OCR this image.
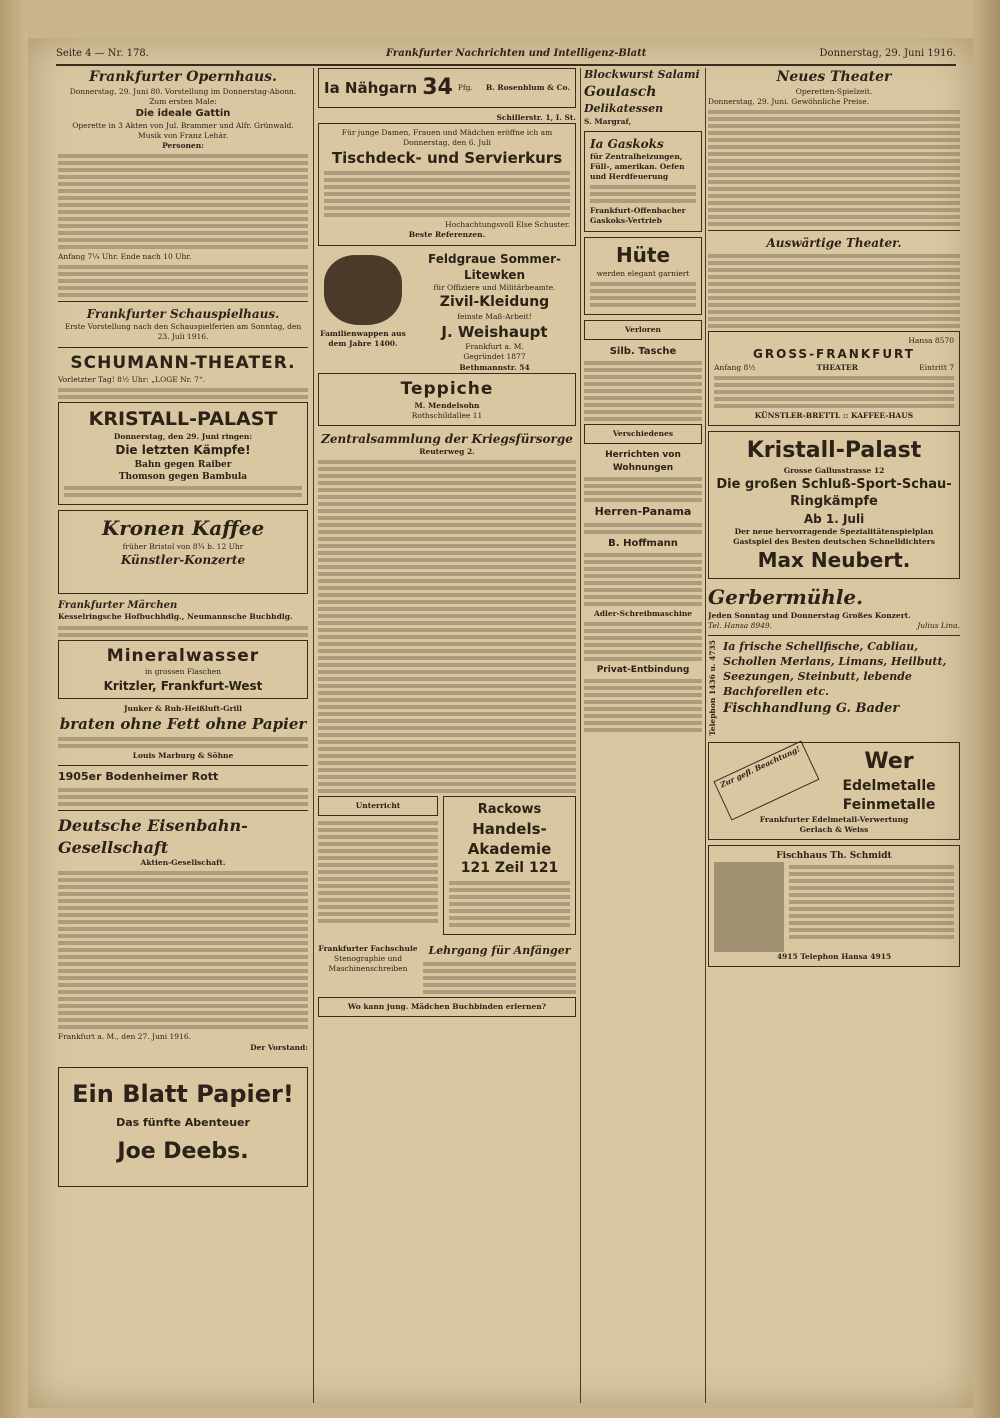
Seite 4 — Nr. 178.	Frankfurter Nachrichten und Intelligenz-Blatt	Donnerstag, 29. Juni 1916.
Frankfurter Opernhaus.
Donnerstag, 29. Juni 80. Vorstellung im Donnerstag-Abonn.
Zum ersten Male:
Die ideale Gattin
Operette in 3 Akten von Jul. Brammer und Alfr. Grünwald.
Musik von Franz Lehár.
Personen:
Anfang 7¼ Uhr. Ende nach 10 Uhr.
Frankfurter Schauspielhaus.
Erste Vorstellung nach den Schauspielferien am Sonntag, den 23. Juli 1916.
SCHUMANN-THEATER.
Vorletzter Tag! 8½ Uhr: „LOGE Nr. 7“.
KRISTALL-PALAST
Donnerstag, den 29. Juni ringen:
Die letzten Kämpfe!
Bahn gegen Raiber
Thomson gegen Bambula
Kronen Kaffee
früher Bristol von 8¾ b. 12 Uhr
Künstler-Konzerte
Frankfurter Märchen
Kesselringsche Hofbuchhdlg., Neumannsche Buchhdlg.
Mineralwasser
in grossen Flaschen
Kritzler, Frankfurt-West
Junker & Ruh-Heißluft-Grill
braten ohne Fett ohne Papier
Louis Marburg & Söhne
1905er Bodenheimer Rott
Deutsche Eisenbahn-Gesellschaft
Aktien-Gesellschaft.
Frankfurt a. M., den 27. Juni 1916.
Der Vorstand:
Ein Blatt Papier!
Das fünfte Abenteuer
Joe Deebs.
Ia Nähgarn 34 Pfg. B. Rosenblum & Co.
Schillerstr. 1, I. St.
Für junge Damen, Frauen und Mädchen eröffne ich am Donnerstag, den 6. Juli
Tischdeck- und Servierkurs
Hochachtungsvoll Else Schuster.
Beste Referenzen.
Familienwappen aus dem Jahre 1400.
Feldgraue Sommer-Litewken
für Offiziere und Militärbeamte.
Zivil-Kleidung
feinste Maß-Arbeit!
J. Weishaupt
Frankfurt a. M.
Gegründet 1877
Bethmannstr. 54
Teppiche
M. Mendelsohn
Rothschildallee 11
Zentralsammlung der Kriegsfürsorge
Reuterweg 2.
Unterricht	Rackows
Handels-Akademie
121 Zeil 121
Frankfurter Fachschule
Stenographie und Maschinenschreiben
Lehrgang für Anfänger
Wo kann jung. Mädchen Buchbinden erlernen?
Blockwurst Salami
Goulasch
Delikatessen
S. Margraf,
Ia Gaskoks
für Zentralheizungen, Füll-, amerikan. Oefen und Herdfeuerung
Frankfurt-Offenbacher Gaskoks-Vertrieb
Hüte
werden elegant garniert
Verloren
Silb. Tasche
Verschiedenes
Herrichten von Wohnungen
Herren-Panama
B. Hoffmann
Adler-Schreibmaschine
Privat-Entbindung
Neues Theater
Operetten-Spielzeit.
Donnerstag, 29. Juni. Gewöhnliche Preise.
Auswärtige Theater.
Hansa 8570
GROSS-FRANKFURT
Anfang 8½	THEATER	Eintritt 7
KÜNSTLER-BRETTL :: KAFFEE-HAUS
Kristall-Palast
Grosse Gallusstrasse 12
Die großen Schluß-Sport-Schau-Ringkämpfe
Ab 1. Juli
Der neue hervorragende Spezialitätenspielplan
Gastspiel des Besten deutschen Schnelldichters
Max Neubert.
Gerbermühle.
Jeden Sonntag und Donnerstag Großes Konzert.
Tel. Hansa 8949.	Julius Lina.
Telephon 1436 u. 4735 Ia frische Schellfische, Cabliau, Schollen Merlans, Limans, Heilbutt, Seezungen, Steinbutt, lebende Bachforellen etc.
Fischhandlung G. Bader
Zur gefl. Beachtung!	Wer
Edelmetalle
Feinmetalle
Frankfurter Edelmetall-Verwertung
Gerlach & Weiss
Fischhaus Th. Schmidt
4915 Telephon Hansa 4915
